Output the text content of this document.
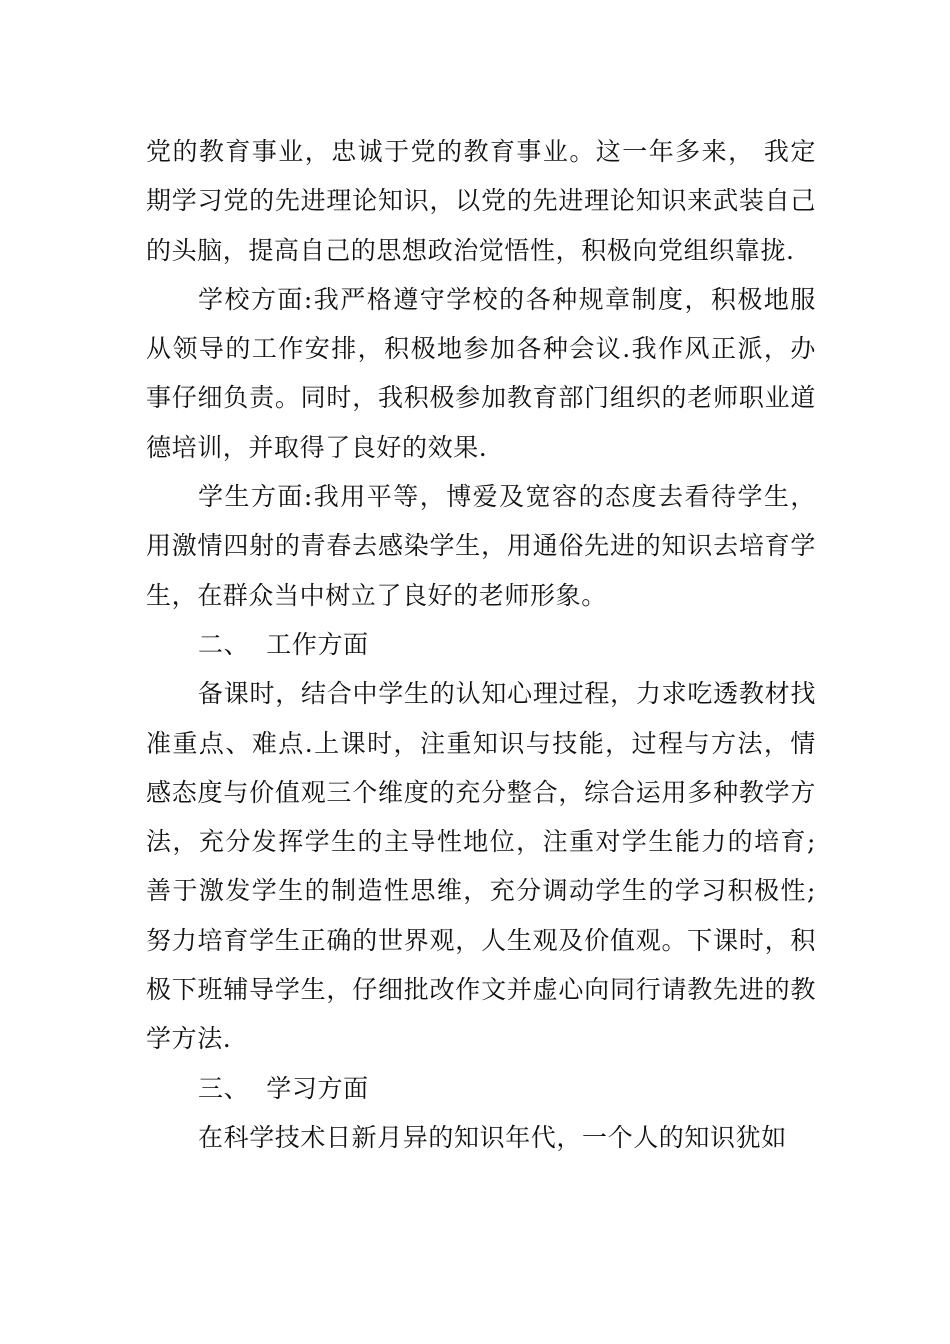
党的教育事业，忠诚于党的教育事业。这一年多来， 我定期学习党的先进理论知识，以党的先进理论知识来武装自己的头脑，提高自己的思想政治觉悟性，积极向党组织靠拢.

学校方面:我严格遵守学校的各种规章制度，积极地服从领导的工作安排，积极地参加各种会议.我作风正派，办事仔细负责。同时，我积极参加教育部门组织的老师职业道德培训，并取得了良好的效果.

学生方面:我用平等，博爱及宽容的态度去看待学生，用激情四射的青春去感染学生，用通俗先进的知识去培育学生，在群众当中树立了良好的老师形象。

二、  工作方面

备课时，结合中学生的认知心理过程，力求吃透教材找准重点、难点.上课时，注重知识与技能，过程与方法，情感态度与价值观三个维度的充分整合，综合运用多种教学方法，充分发挥学生的主导性地位，注重对学生能力的培育;善于激发学生的制造性思维，充分调动学生的学习积极性;努力培育学生正确的世界观，人生观及价值观。下课时，积极下班辅导学生，仔细批改作文并虚心向同行请教先进的教学方法.

三、  学习方面

在科学技术日新月异的知识年代，一个人的知识犹如
